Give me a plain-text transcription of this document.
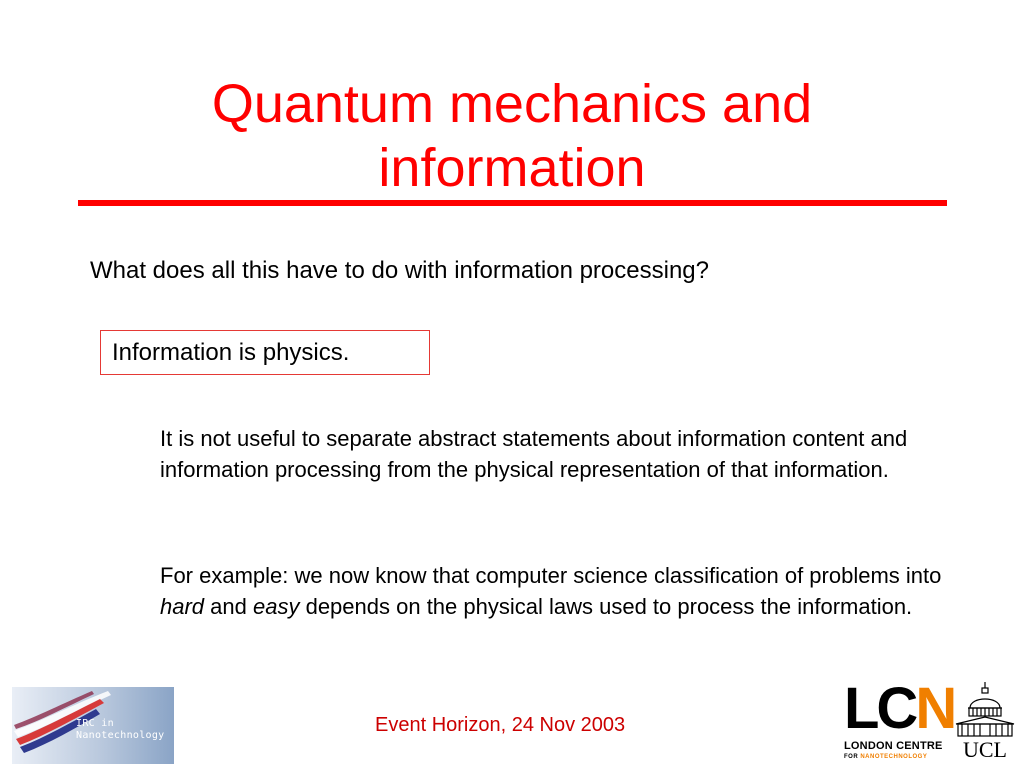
Quantum mechanics and information
What does all this have to do with information processing?
Information is physics.
It is not useful to separate abstract statements about information content and information processing from the physical representation of that information.
For example: we now know that computer science classification of problems into hard and easy depends on the physical laws used to process the information.
Event Horizon, 24 Nov 2003
IRC in
Nanotechnology	LCN
LONDON CENTRE
FOR NANOTECHNOLOGY	UCL
